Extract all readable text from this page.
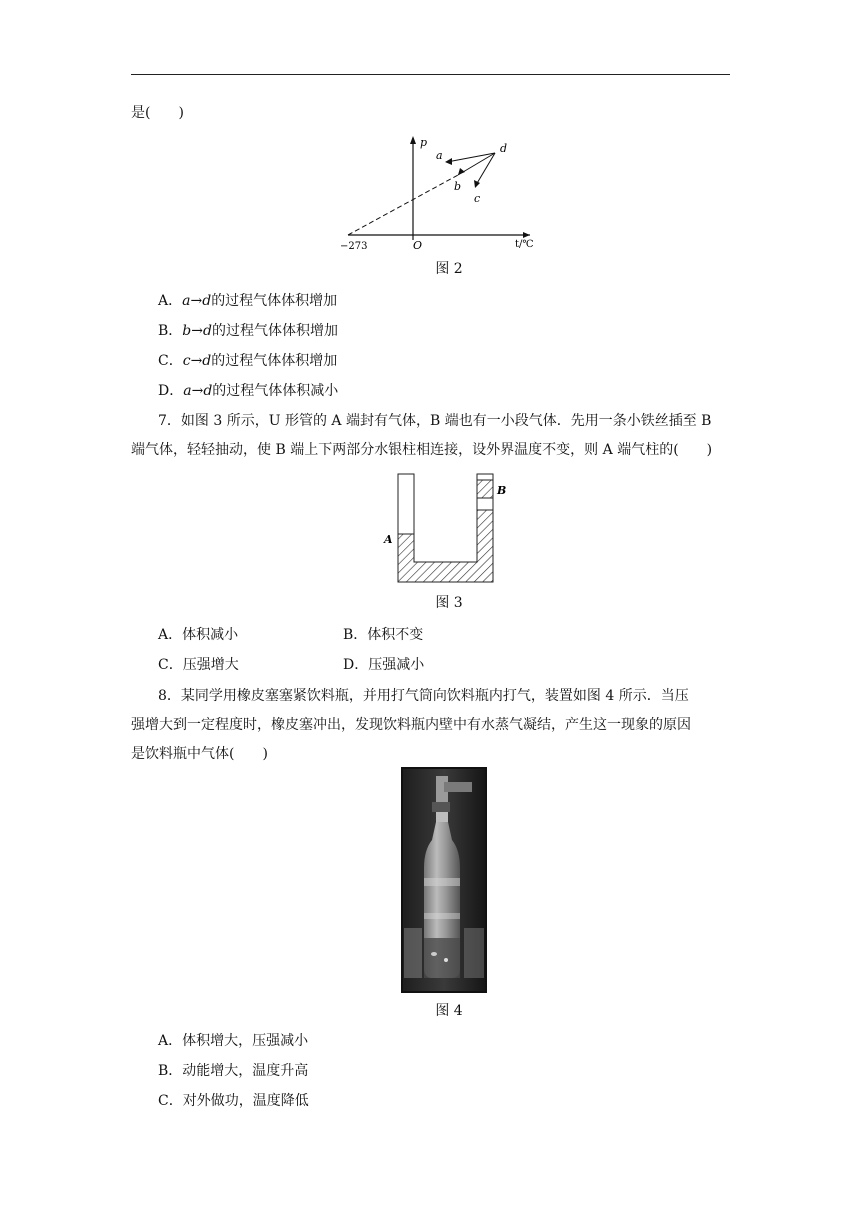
是(　　)
p
a
d
b
c
−273	O	t/℃
图 2
A．a→d的过程气体体积增加
B．b→d的过程气体体积增加
C．c→d的过程气体体积增加
D．a→d的过程气体体积减小
7．如图 3 所示，U 形管的 A 端封有气体，B 端也有一小段气体．先用一条小铁丝插至 B
端气体，轻轻抽动，使 B 端上下两部分水银柱相连接，设外界温度不变，则 A 端气柱的(　　)
A
B
图 3
A．体积减小	B．体积不变
C．压强增大	D．压强减小
8．某同学用橡皮塞塞紧饮料瓶，并用打气筒向饮料瓶内打气，装置如图 4 所示．当压
强增大到一定程度时，橡皮塞冲出，发现饮料瓶内壁中有水蒸气凝结，产生这一现象的原因
是饮料瓶中气体(　　)
图 4
A．体积增大，压强减小
B．动能增大，温度升高
C．对外做功，温度降低
